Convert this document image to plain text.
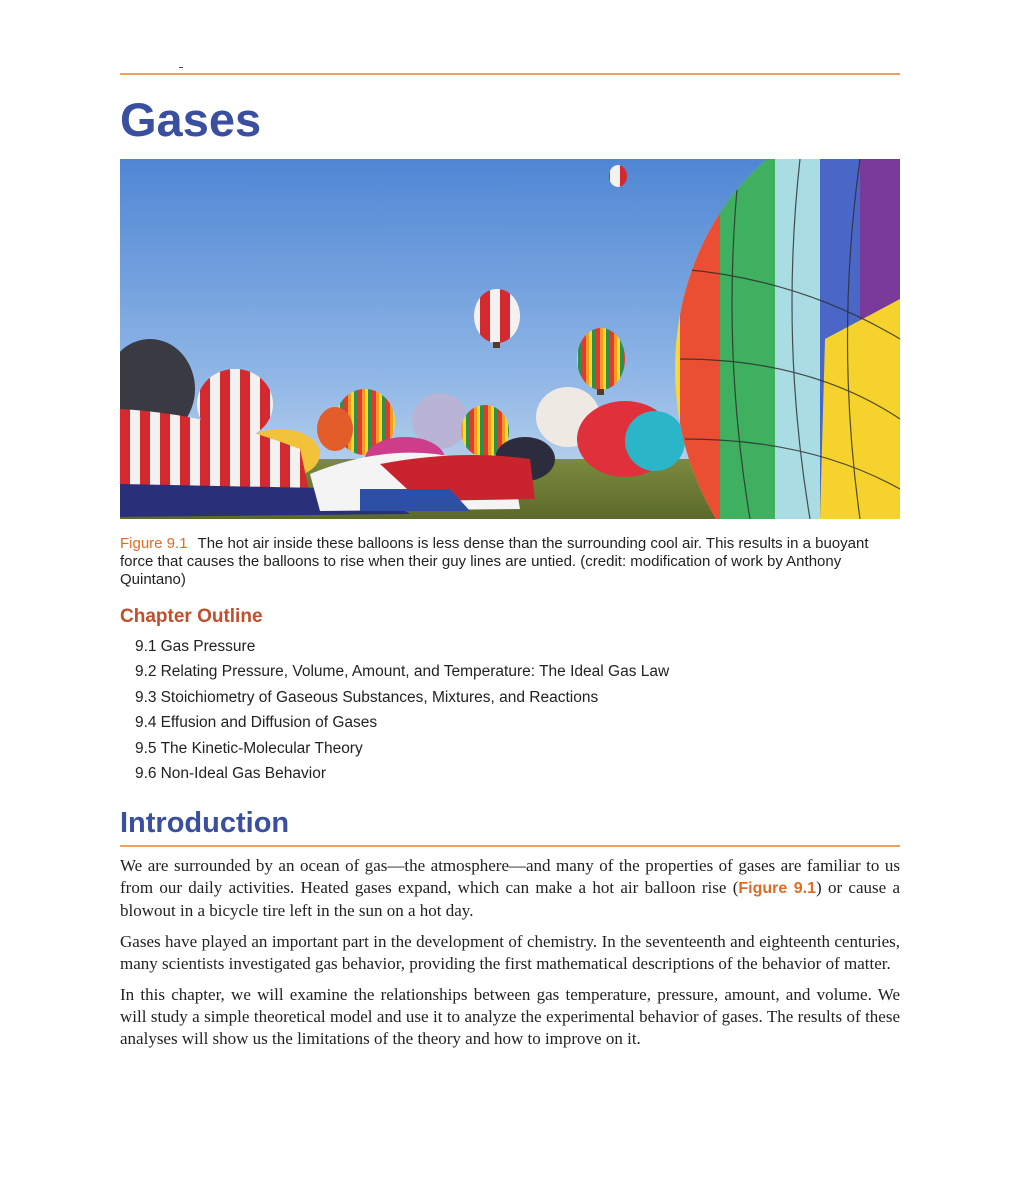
Gases

Figure 9.1 The hot air inside these balloons is less dense than the surrounding cool air. This results in a buoyant force that causes the balloons to rise when their guy lines are untied. (credit: modification of work by Anthony Quintano)

Chapter Outline
9.1 Gas Pressure
9.2 Relating Pressure, Volume, Amount, and Temperature: The Ideal Gas Law
9.3 Stoichiometry of Gaseous Substances, Mixtures, and Reactions
9.4 Effusion and Diffusion of Gases
9.5 The Kinetic-Molecular Theory
9.6 Non-Ideal Gas Behavior
Introduction

We are surrounded by an ocean of gas—the atmosphere—and many of the properties of gases are familiar to us from our daily activities. Heated gases expand, which can make a hot air balloon rise (Figure 9.1) or cause a blowout in a bicycle tire left in the sun on a hot day.

Gases have played an important part in the development of chemistry. In the seventeenth and eighteenth centuries, many scientists investigated gas behavior, providing the first mathematical descriptions of the behavior of matter.

In this chapter, we will examine the relationships between gas temperature, pressure, amount, and volume. We will study a simple theoretical model and use it to analyze the experimental behavior of gases. The results of these analyses will show us the limitations of the theory and how to improve on it.
